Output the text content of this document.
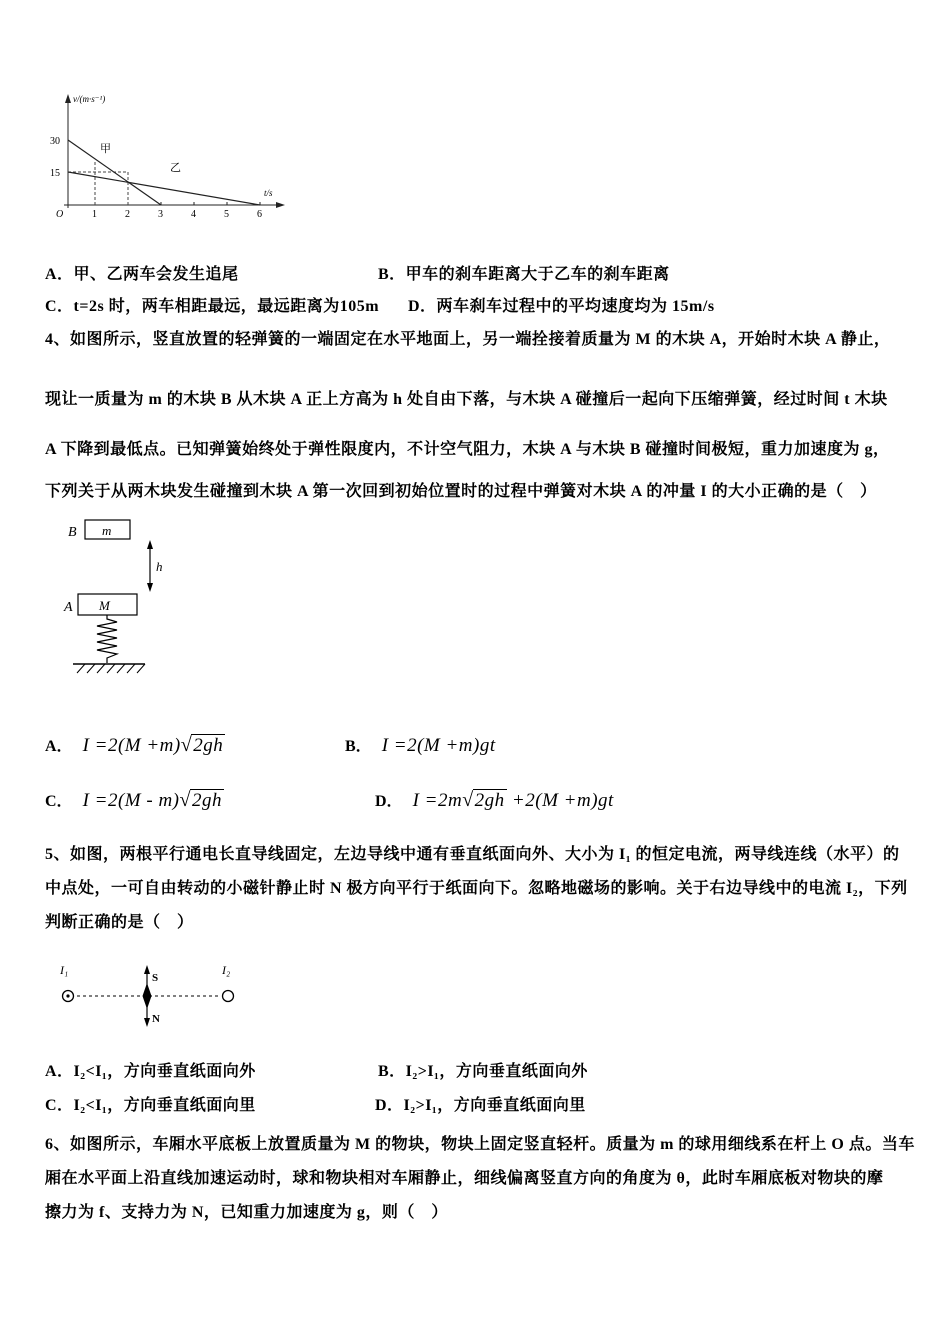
v/(m·s⁻¹)
t/s
30
15
O	1	2	3	4	5	6
甲
乙
A．甲、乙两车会发生追尾	B．甲车的刹车距离大于乙车的刹车距离
C．t=2s 时，两车相距最远，最远距离为105m D．两车刹车过程中的平均速度均为 15m/s
4、如图所示，竖直放置的轻弹簧的一端固定在水平地面上，另一端拴接着质量为 M 的木块 A，开始时木块 A 静止，
现让一质量为 m 的木块 B 从木块 A 正上方高为 h 处自由下落，与木块 A 碰撞后一起向下压缩弹簧，经过时间 t 木块
A 下降到最低点。已知弹簧始终处于弹性限度内，不计空气阻力，木块 A 与木块 B 碰撞时间极短，重力加速度为 g，
下列关于从两木块发生碰撞到木块 A 第一次回到初始位置时的过程中弹簧对木块 A 的冲量 I 的大小正确的是（　）
B m
h
A M
A． I =2(M +m)√2gh	B． I =2(M +m)gt
C． I =2(M - m)√2gh	D． I =2m√2gh +2(M +m)gt
5、如图，两根平行通电长直导线固定，左边导线中通有垂直纸面向外、大小为 I₁ 的恒定电流，两导线连线（水平）的
中点处，一可自由转动的小磁针静止时 N 极方向平行于纸面向下。忽略地磁场的影响。关于右边导线中的电流 I₂，下列
判断正确的是（　）
I₁
S
N
I₂
A．I₂<I₁，方向垂直纸面向外	B．I₂>I₁，方向垂直纸面向外
C．I₂<I₁，方向垂直纸面向里	D．I₂>I₁，方向垂直纸面向里
6、如图所示，车厢水平底板上放置质量为 M 的物块，物块上固定竖直轻杆。质量为 m 的球用细线系在杆上 O 点。当车
厢在水平面上沿直线加速运动时，球和物块相对车厢静止，细线偏离竖直方向的角度为 θ，此时车厢底板对物块的摩
擦力为 f、支持力为 N，已知重力加速度为 g，则（　）
